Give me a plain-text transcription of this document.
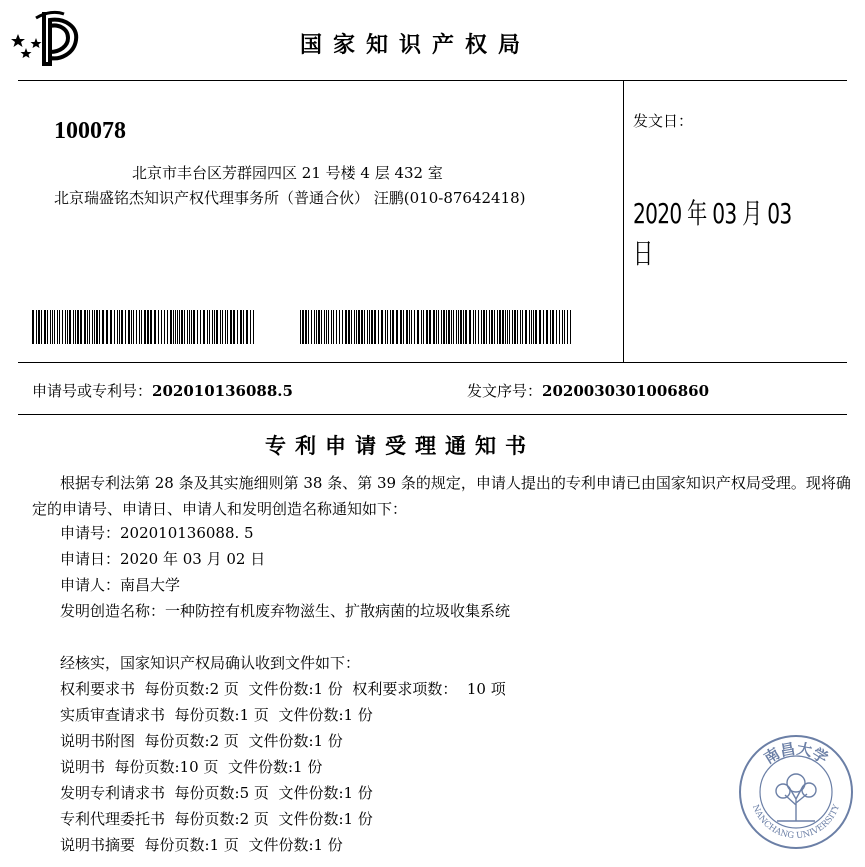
国家知识产权局
100078
北京市丰台区芳群园四区 21 号楼 4 层 432 室
北京瑞盛铭杰知识产权代理事务所（普通合伙） 汪鹏(010-87642418)
发文日：
2020 年 03 月 03 日
申请号或专利号：202010136088.5	发文序号：2020030301006860
专利申请受理通知书
根据专利法第 28 条及其实施细则第 38 条、第 39 条的规定，申请人提出的专利申请已由国家知识产权局受理。现将确定的申请号、申请日、申请人和发明创造名称通知如下：
申请号：202010136088. 5
申请日：2020 年 03 月 02 日
申请人：南昌大学
发明创造名称：一种防控有机废弃物滋生、扩散病菌的垃圾收集系统
经核实，国家知识产权局确认收到文件如下：
权利要求书  每份页数:2 页  文件份数:1 份  权利要求项数：  10 项
实质审查请求书  每份页数:1 页  文件份数:1 份
说明书附图  每份页数:2 页  文件份数:1 份
说明书  每份页数:10 页  文件份数:1 份
发明专利请求书  每份页数:5 页  文件份数:1 份
专利代理委托书  每份页数:2 页  文件份数:1 份
说明书摘要  每份页数:1 页  文件份数:1 份
南昌大学
NANCHANG UNIVERSITY
